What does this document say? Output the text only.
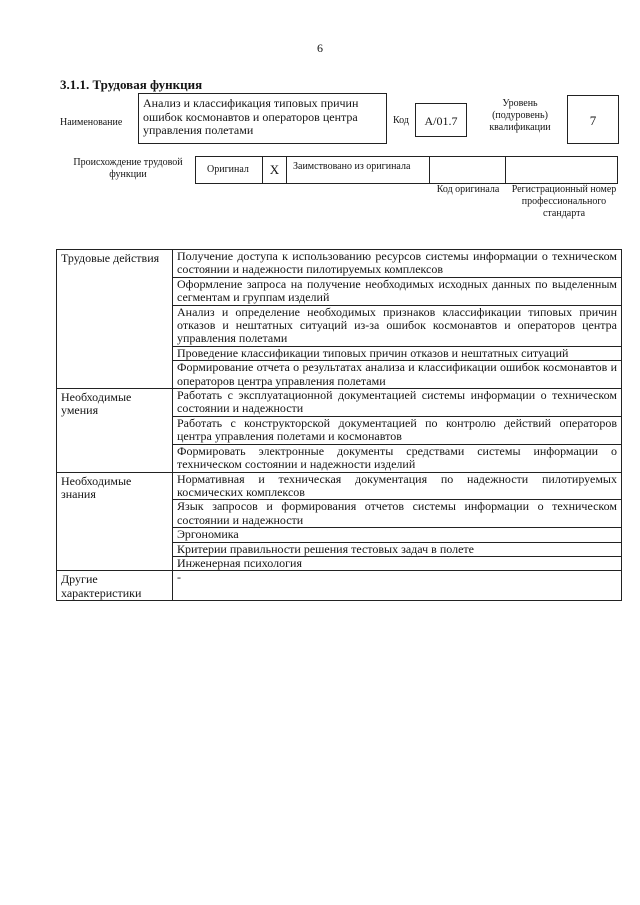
6
3.1.1. Трудовая функция
Наименование
Анализ и классификация типовых причин ошибок космонавтов и операторов центра управления полетами
Код	А/01.7
Уровень (подуровень) квалификации	7
Происхождение трудовой функции	Оригинал	X	Заимствовано из оригинала
Код оригинала	Регистрационный номер профессионального стандарта
Трудовые действия	Получение доступа к использованию ресурсов системы информации о техническом состоянии и надежности пилотируемых комплексов
	Оформление запроса на получение необходимых исходных данных по выделенным сегментам и группам изделий
	Анализ и определение необходимых признаков классификации типовых причин отказов и нештатных ситуаций из-за ошибок космонавтов и операторов центра управления полетами
	Проведение классификации типовых причин отказов и нештатных ситуаций
	Формирование отчета о результатах анализа и классификации ошибок космонавтов и операторов центра управления полетами
Необходимые умения	Работать с эксплуатационной документацией системы информации о техническом состоянии и надежности
	Работать с конструкторской документацией по контролю действий операторов центра управления полетами и космонавтов
	Формировать электронные документы средствами системы информации о техническом состоянии и надежности изделий
Необходимые знания	Нормативная и техническая документация по надежности пилотируемых космических комплексов
	Язык запросов и формирования отчетов системы информации о техническом состоянии и надежности
	Эргономика
	Критерии правильности решения тестовых задач в полете
	Инженерная психология
Другие характеристики	-
